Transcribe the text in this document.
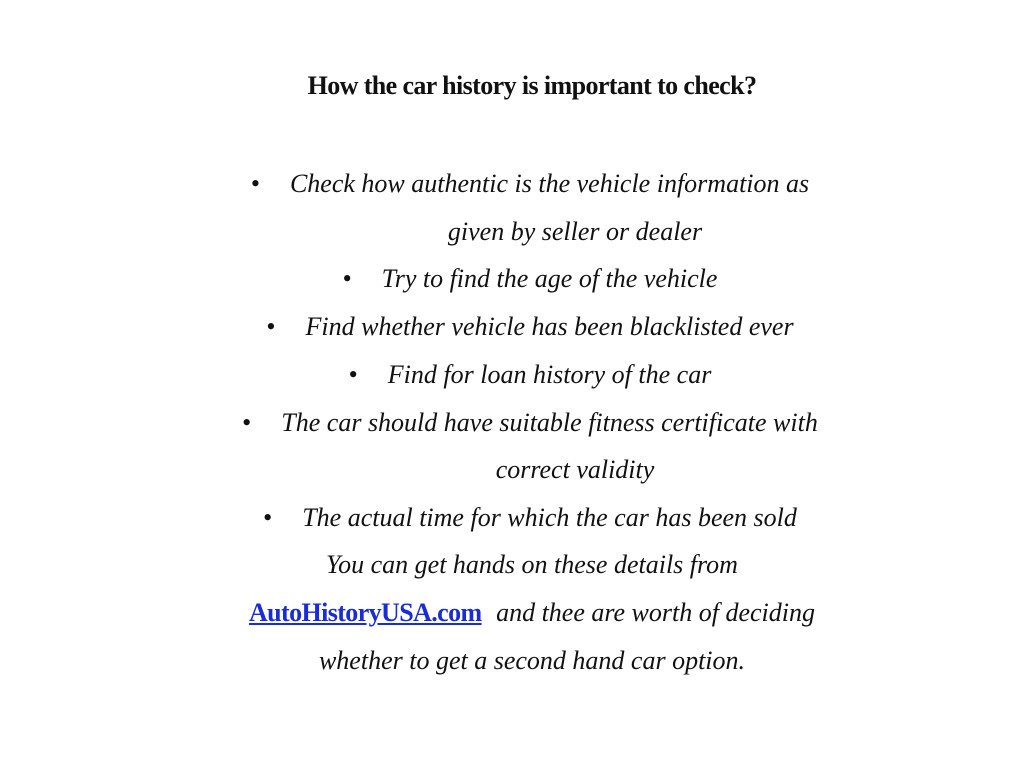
How the car history is important to check?
• Check how authentic is the vehicle information as
given by seller or dealer
• Try to find the age of the vehicle
• Find whether vehicle has been blacklisted ever
• Find for loan history of the car
• The car should have suitable fitness certificate with
correct validity
• The actual time for which the car has been sold
You can get hands on these details from
AutoHistoryUSA.com and thee are worth of deciding
whether to get a second hand car option.
